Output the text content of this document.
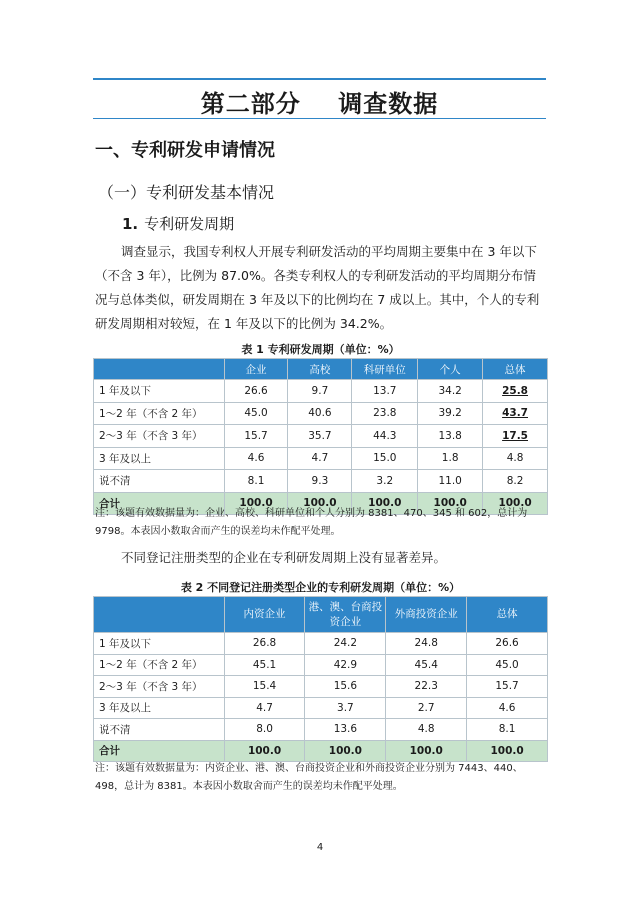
第二部分    调查数据
一、专利研发申请情况
（一）专利研发基本情况
1. 专利研发周期
调查显示，我国专利权人开展专利研发活动的平均周期主要集中在 3 年以下（不含 3 年），比例为 87.0%。各类专利权人的专利研发活动的平均周期分布情况与总体类似，研发周期在 3 年及以下的比例均在 7 成以上。其中，个人的专利研发周期相对较短，在 1 年及以下的比例为 34.2%。
表 1 专利研发周期（单位：%）
	企业	高校	科研单位	个人	总体
1 年及以下	26.6	9.7	13.7	34.2	25.8
1～2 年（不含 2 年）	45.0	40.6	23.8	39.2	43.7
2～3 年（不含 3 年）	15.7	35.7	44.3	13.8	17.5
3 年及以上	4.6	4.7	15.0	1.8	4.8
说不清	8.1	9.3	3.2	11.0	8.2
合计	100.0	100.0	100.0	100.0	100.0
注：该题有效数据量为：企业、高校、科研单位和个人分别为 8381、470、345 和 602，总计为 9798。本表因小数取舍而产生的误差均未作配平处理。
不同登记注册类型的企业在专利研发周期上没有显著差异。
表 2 不同登记注册类型企业的专利研发周期（单位：%）
	内资企业	港、澳、台商投资企业	外商投资企业	总体
1 年及以下	26.8	24.2	24.8	26.6
1～2 年（不含 2 年）	45.1	42.9	45.4	45.0
2～3 年（不含 3 年）	15.4	15.6	22.3	15.7
3 年及以上	4.7	3.7	2.7	4.6
说不清	8.0	13.6	4.8	8.1
合计	100.0	100.0	100.0	100.0
注：该题有效数据量为：内资企业、港、澳、台商投资企业和外商投资企业分别为 7443、440、498，总计为 8381。本表因小数取舍而产生的误差均未作配平处理。
4
